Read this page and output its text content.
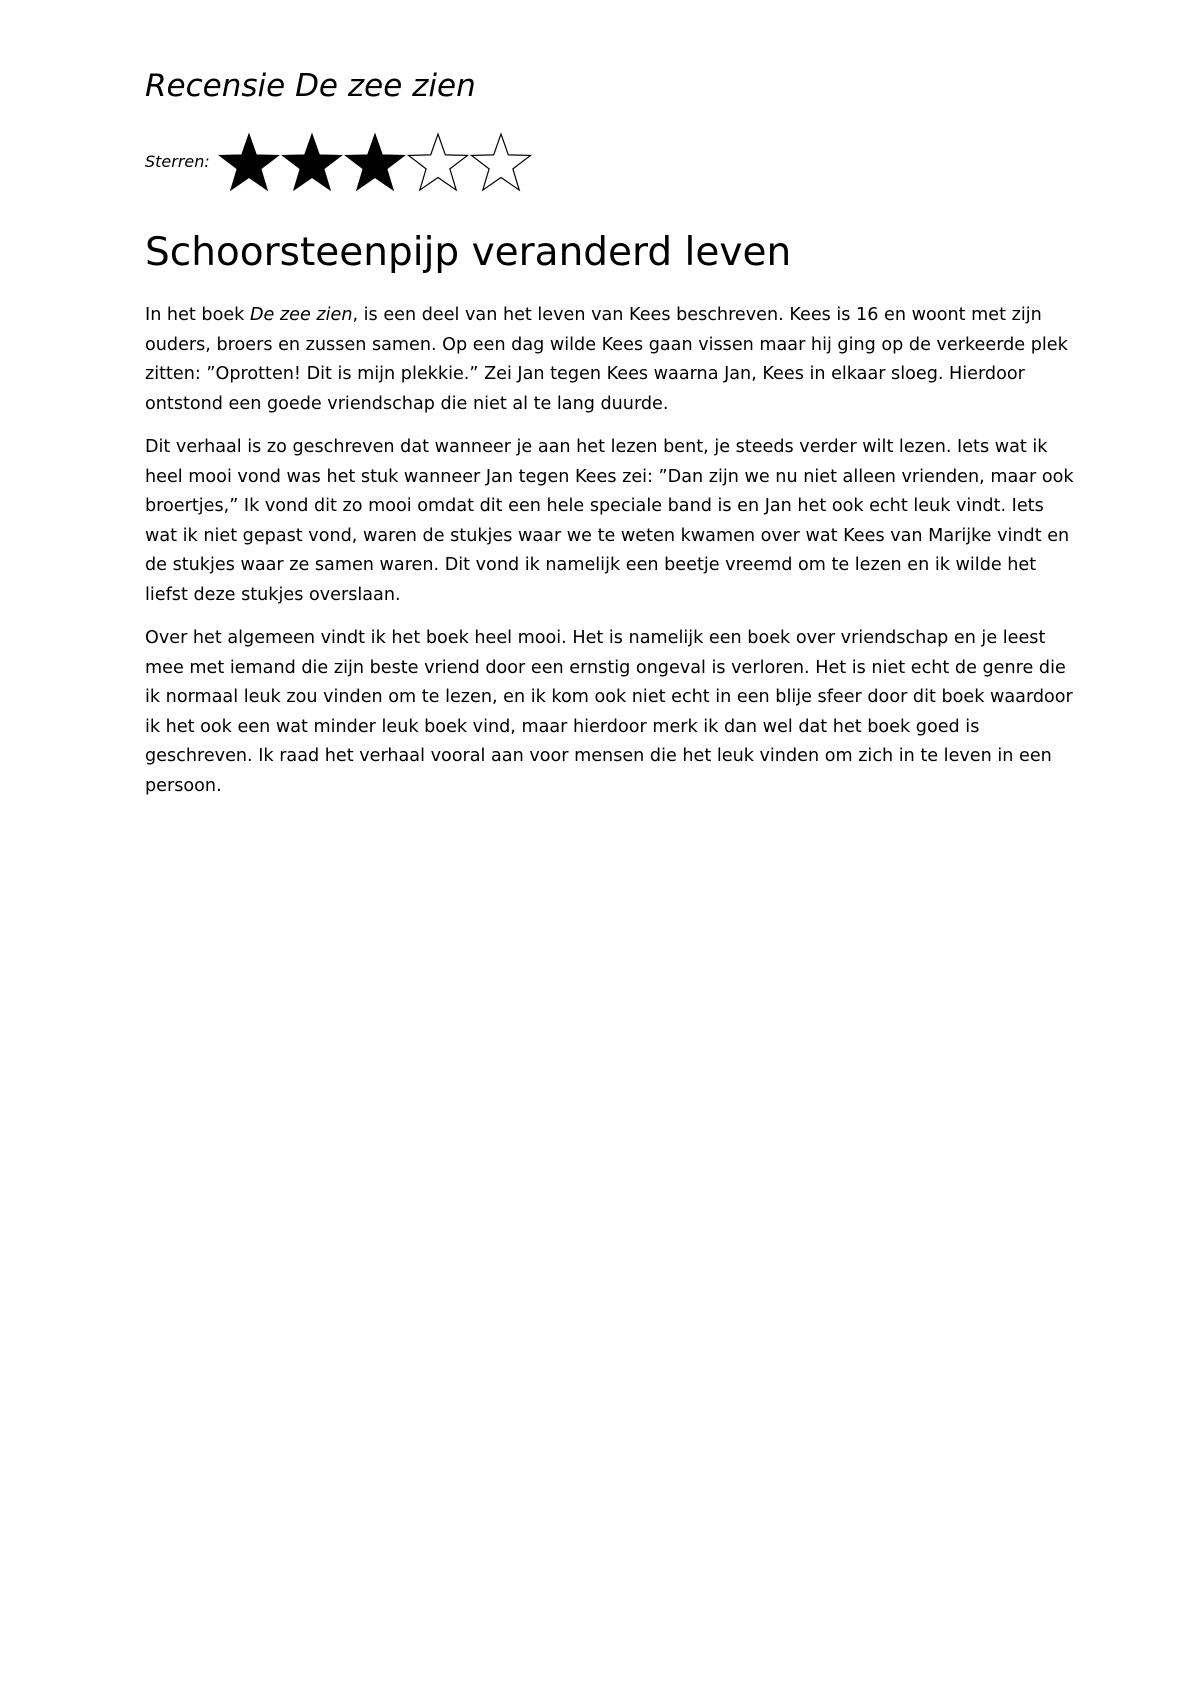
Recensie De zee zien
Sterren:
Schoorsteenpijp veranderd leven

In het boek De zee zien, is een deel van het leven van Kees beschreven. Kees is 16 en woont met zijn ouders, broers en zussen samen. Op een dag wilde Kees gaan vissen maar hij ging op de verkeerde plek zitten: ”Oprotten! Dit is mijn plekkie.” Zei Jan tegen Kees waarna Jan, Kees in elkaar sloeg. Hierdoor ontstond een goede vriendschap die niet al te lang duurde.

Dit verhaal is zo geschreven dat wanneer je aan het lezen bent, je steeds verder wilt lezen. Iets wat ik heel mooi vond was het stuk wanneer Jan tegen Kees zei: ”Dan zijn we nu niet alleen vrienden, maar ook broertjes,” Ik vond dit zo mooi omdat dit een hele speciale band is en Jan het ook echt leuk vindt. Iets wat ik niet gepast vond, waren de stukjes waar we te weten kwamen over wat Kees van Marijke vindt en de stukjes waar ze samen waren. Dit vond ik namelijk een beetje vreemd om te lezen en ik wilde het liefst deze stukjes overslaan.

Over het algemeen vindt ik het boek heel mooi. Het is namelijk een boek over vriendschap en je leest mee met iemand die zijn beste vriend door een ernstig ongeval is verloren. Het is niet echt de genre die ik normaal leuk zou vinden om te lezen, en ik kom ook niet echt in een blije sfeer door dit boek waardoor ik het ook een wat minder leuk boek vind, maar hierdoor merk ik dan wel dat het boek goed is geschreven. Ik raad het verhaal vooral aan voor mensen die het leuk vinden om zich in te leven in een persoon.
